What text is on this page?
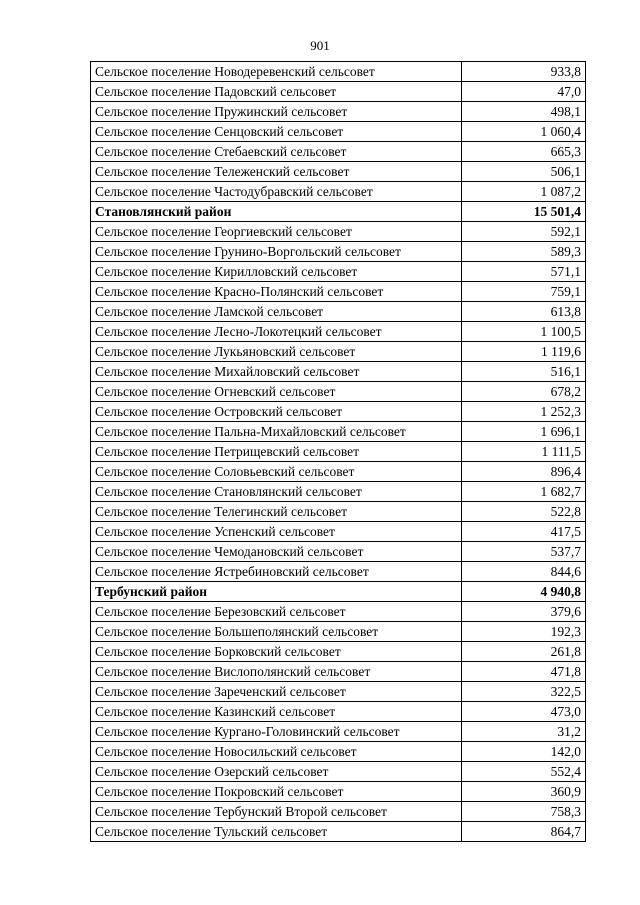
901
Сельское поселение Новодеревенский сельсовет	933,8
Сельское поселение Падовский сельсовет	47,0
Сельское поселение Пружинский сельсовет	498,1
Сельское поселение Сенцовский сельсовет	1 060,4
Сельское поселение Стебаевский сельсовет	665,3
Сельское поселение Тележенский сельсовет	506,1
Сельское поселение Частодубравский сельсовет	1 087,2
Становлянский район	15 501,4
Сельское поселение Георгиевский сельсовет	592,1
Сельское поселение Грунино-Воргольский сельсовет	589,3
Сельское поселение Кирилловский сельсовет	571,1
Сельское поселение Красно-Полянский сельсовет	759,1
Сельское поселение Ламской сельсовет	613,8
Сельское поселение Лесно-Локотецкий сельсовет	1 100,5
Сельское поселение Лукьяновский сельсовет	1 119,6
Сельское поселение Михайловский сельсовет	516,1
Сельское поселение Огневский сельсовет	678,2
Сельское поселение Островский сельсовет	1 252,3
Сельское поселение Пальна-Михайловский сельсовет	1 696,1
Сельское поселение Петрищевский сельсовет	1 111,5
Сельское поселение Соловьевский сельсовет	896,4
Сельское поселение Становлянский сельсовет	1 682,7
Сельское поселение Телегинский сельсовет	522,8
Сельское поселение Успенский сельсовет	417,5
Сельское поселение Чемодановский сельсовет	537,7
Сельское поселение Ястребиновский сельсовет	844,6
Тербунский район	4 940,8
Сельское поселение Березовский сельсовет	379,6
Сельское поселение Большеполянский сельсовет	192,3
Сельское поселение Борковский сельсовет	261,8
Сельское поселение Вислополянский сельсовет	471,8
Сельское поселение Зареченский сельсовет	322,5
Сельское поселение Казинский сельсовет	473,0
Сельское поселение Кургано-Головинский сельсовет	31,2
Сельское поселение Новосильский сельсовет	142,0
Сельское поселение Озерский сельсовет	552,4
Сельское поселение Покровский сельсовет	360,9
Сельское поселение Тербунский Второй сельсовет	758,3
Сельское поселение Тульский сельсовет	864,7
